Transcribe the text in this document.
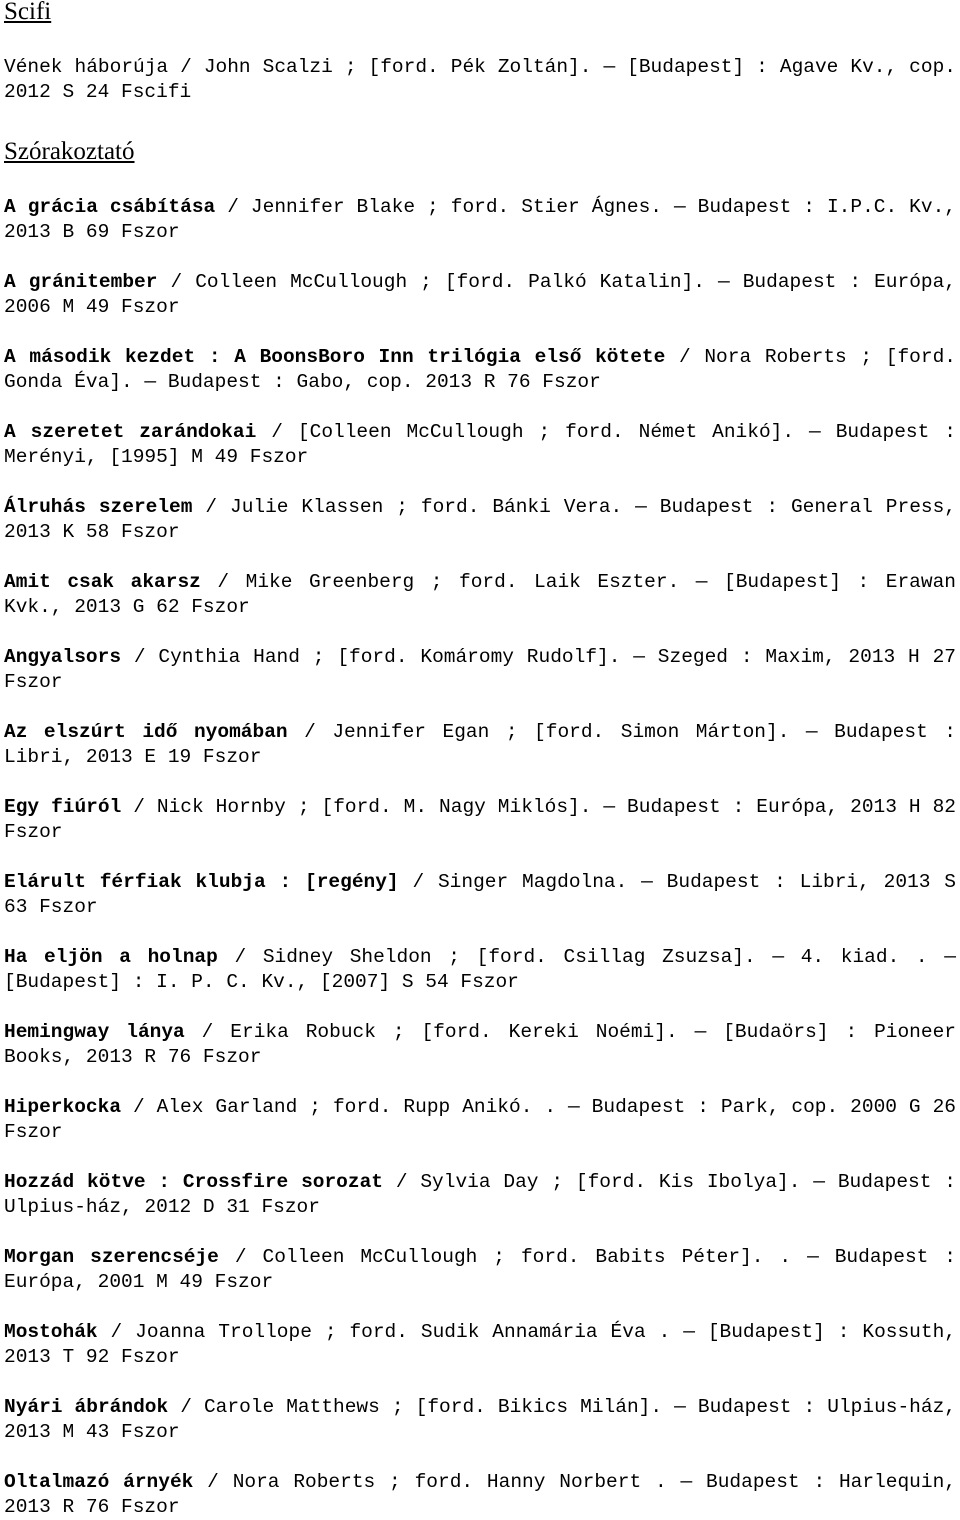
Scifi

Vének háborúja / John Scalzi ; [ford. Pék Zoltán]. — [Budapest] : Agave Kv., cop. 2012 S 24 Fscifi

Szórakoztató

A grácia csábítása / Jennifer Blake ; ford. Stier Ágnes. — Budapest : I.P.C. Kv., 2013 B 69 Fszor

A gránitember / Colleen McCullough ; [ford. Palkó Katalin]. — Budapest : Európa, 2006 M 49 Fszor

A második kezdet : A BoonsBoro Inn trilógia első kötete / Nora Roberts ; [ford. Gonda Éva]. — Budapest : Gabo, cop. 2013 R 76 Fszor

A szeretet zarándokai / [Colleen McCullough ; ford. Német Anikó]. — Budapest : Merényi, [1995] M 49 Fszor

Álruhás szerelem / Julie Klassen ; ford. Bánki Vera. — Budapest : General Press, 2013 K 58 Fszor

Amit csak akarsz / Mike Greenberg ; ford. Laik Eszter. — [Budapest] : Erawan Kvk., 2013 G 62 Fszor

Angyalsors / Cynthia Hand ; [ford. Komáromy Rudolf]. — Szeged : Maxim, 2013 H 27 Fszor

Az elszúrt idő nyomában / Jennifer Egan ; [ford. Simon Márton]. — Budapest : Libri, 2013 E 19 Fszor

Egy fiúról / Nick Hornby ; [ford. M. Nagy Miklós]. — Budapest : Európa, 2013 H 82 Fszor

Elárult férfiak klubja : [regény] / Singer Magdolna. — Budapest : Libri, 2013 S 63 Fszor

Ha eljön a holnap / Sidney Sheldon ; [ford. Csillag Zsuzsa]. — 4. kiad. . — [Budapest] : I. P. C. Kv., [2007] S 54 Fszor

Hemingway lánya / Erika Robuck ; [ford. Kereki Noémi]. — [Budaörs] : Pioneer Books, 2013 R 76 Fszor

Hiperkocka / Alex Garland ; ford. Rupp Anikó. . — Budapest : Park, cop. 2000 G 26 Fszor

Hozzád kötve : Crossfire sorozat / Sylvia Day ; [ford. Kis Ibolya]. — Budapest : Ulpius-ház, 2012 D 31 Fszor

Morgan szerencséje / Colleen McCullough ; ford. Babits Péter]. . — Budapest : Európa, 2001 M 49 Fszor

Mostohák / Joanna Trollope ; ford. Sudik Annamária Éva . — [Budapest] : Kossuth, 2013 T 92 Fszor

Nyári ábrándok / Carole Matthews ; [ford. Bikics Milán]. — Budapest : Ulpius-ház, 2013 M 43 Fszor

Oltalmazó árnyék / Nora Roberts ; ford. Hanny Norbert . — Budapest : Harlequin, 2013 R 76 Fszor
